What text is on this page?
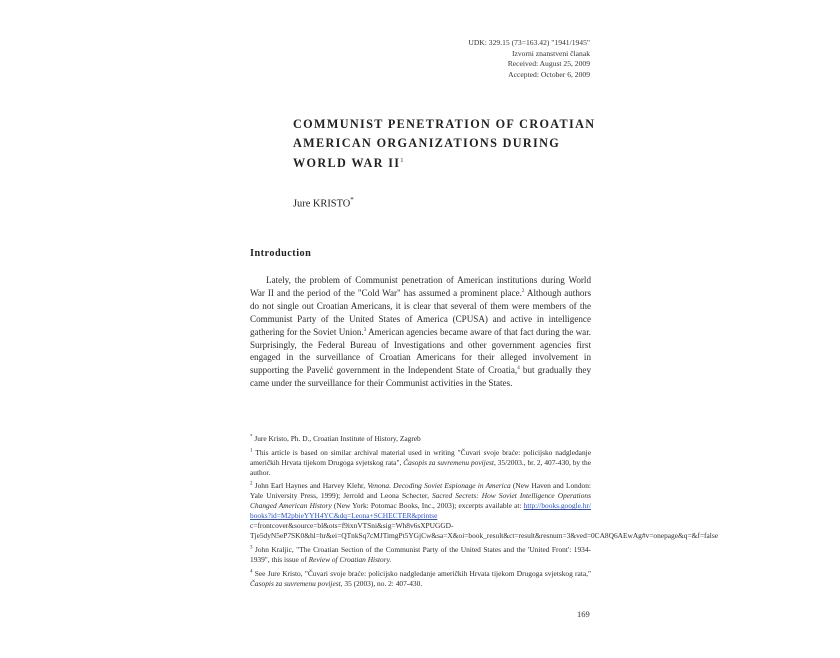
UDK: 329.15 (73=163.42) "1941/1945"
Izvorni znanstveni članak
Received: August 25, 2009
Accepted: October 6, 2009
COMMUNIST PENETRATION OF CROATIAN
AMERICAN ORGANIZATIONS DURING
WORLD WAR $II^1$
Jure KRISTO*
Introduction

Lately, the problem of Communist penetration of American institutions during World War II and the period of the "Cold War" has assumed a prominent place.$^2$ Although authors do not single out Croatian Americans, it is clear that several of them were members of the Communist Party of the United States of America (CPUSA) and active in intelligence gathering for the Soviet Union.$^3$ American agencies became aware of that fact during the war. Surprisingly, the Federal Bureau of Investigations and other government agencies first engaged in the surveillance of Croatian Americans for their alleged involvement in supporting the Pavelić government in the Independent State of Croatia,$^4$ but gradually they came under the surveillance for their Communist activities in the States.

* Jure Kristo, Ph. D., Croatian Institute of History, Zagreb

$^1$ This article is based on similar archival material used in writing "Čuvari svoje braće: policijsko nadgledanje američkih Hrvata tijekom Drugoga svjetskog rata", Časopis za suvremenu povijest, 35/2003., br. 2, 407-430, by the author.

$^2$ John Earl Haynes and Harvey Klehr, Venona. Decoding Soviet Espionage in America (New Haven and London: Yale University Press, 1999); Jerrold and Leona Schecter, Sacred Secrets: How Soviet Intelligence Operations Changed American History (New York: Potomac Books, Inc., 2003); excerpts available at: http://books.google.hr/books?id=M2pbieYYH4YC&dq=Leona+SCHECTER&printsec=frontcover&source=bl&ots=f9ixnVTSni&sig=Wh8v6sXPUGGD-Tje5dyN5eP7SK0&hl=hr&ei=QTnkSq7cMJTimgPt5YGjCw&sa=X&oi=book_result&ct=result&resnum=3&ved=0CA8Q6AEwAg#v=onepage&q=&f=false

$^3$ John Kraljic, "The Croatian Section of the Communist Party of the United States and the 'United Front': 1934-1939", this issue of Review of Croatian History.

$^4$ See Jure Kristo, "Čuvari svoje braće: policijsko nadgledanje američkih Hrvata tijekom Drugoga svjetskog rata," Časopis za suvremenu povijest, 35 (2003), no. 2: 407-430.

169
